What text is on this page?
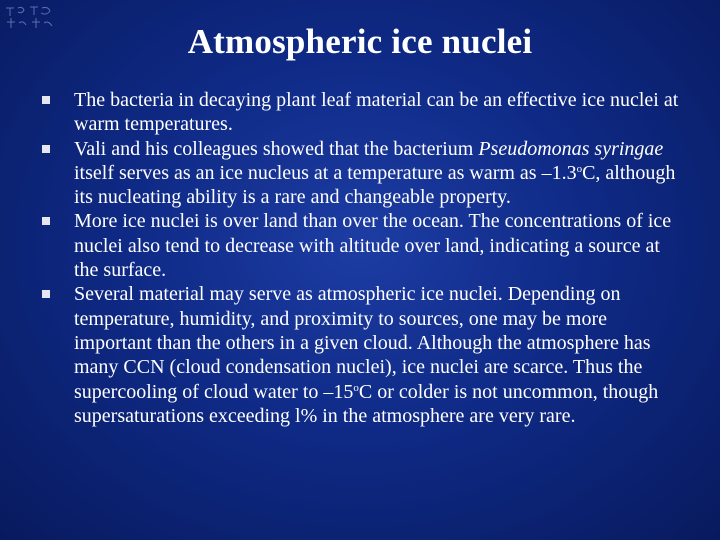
Atmospheric ice nuclei
The bacteria in decaying plant leaf material can be an effective ice nuclei at warm temperatures.
Vali and his colleagues showed that the bacterium Pseudomonas syringae itself serves as an ice nucleus at a temperature as warm as –1.3$^o$C, although its nucleating ability is a rare and changeable property.
More ice nuclei is over land than over the ocean. The concentrations of ice nuclei also tend to decrease with altitude over land, indicating a source at the surface.
Several material may serve as atmospheric ice nuclei. Depending on temperature, humidity, and proximity to sources, one may be more important than the others in a given cloud. Although the atmosphere has many CCN (cloud condensation nuclei), ice nuclei are scarce. Thus the supercooling of cloud water to –15$^o$C or colder is not uncommon, though supersaturations exceeding l% in the atmosphere are very rare.
